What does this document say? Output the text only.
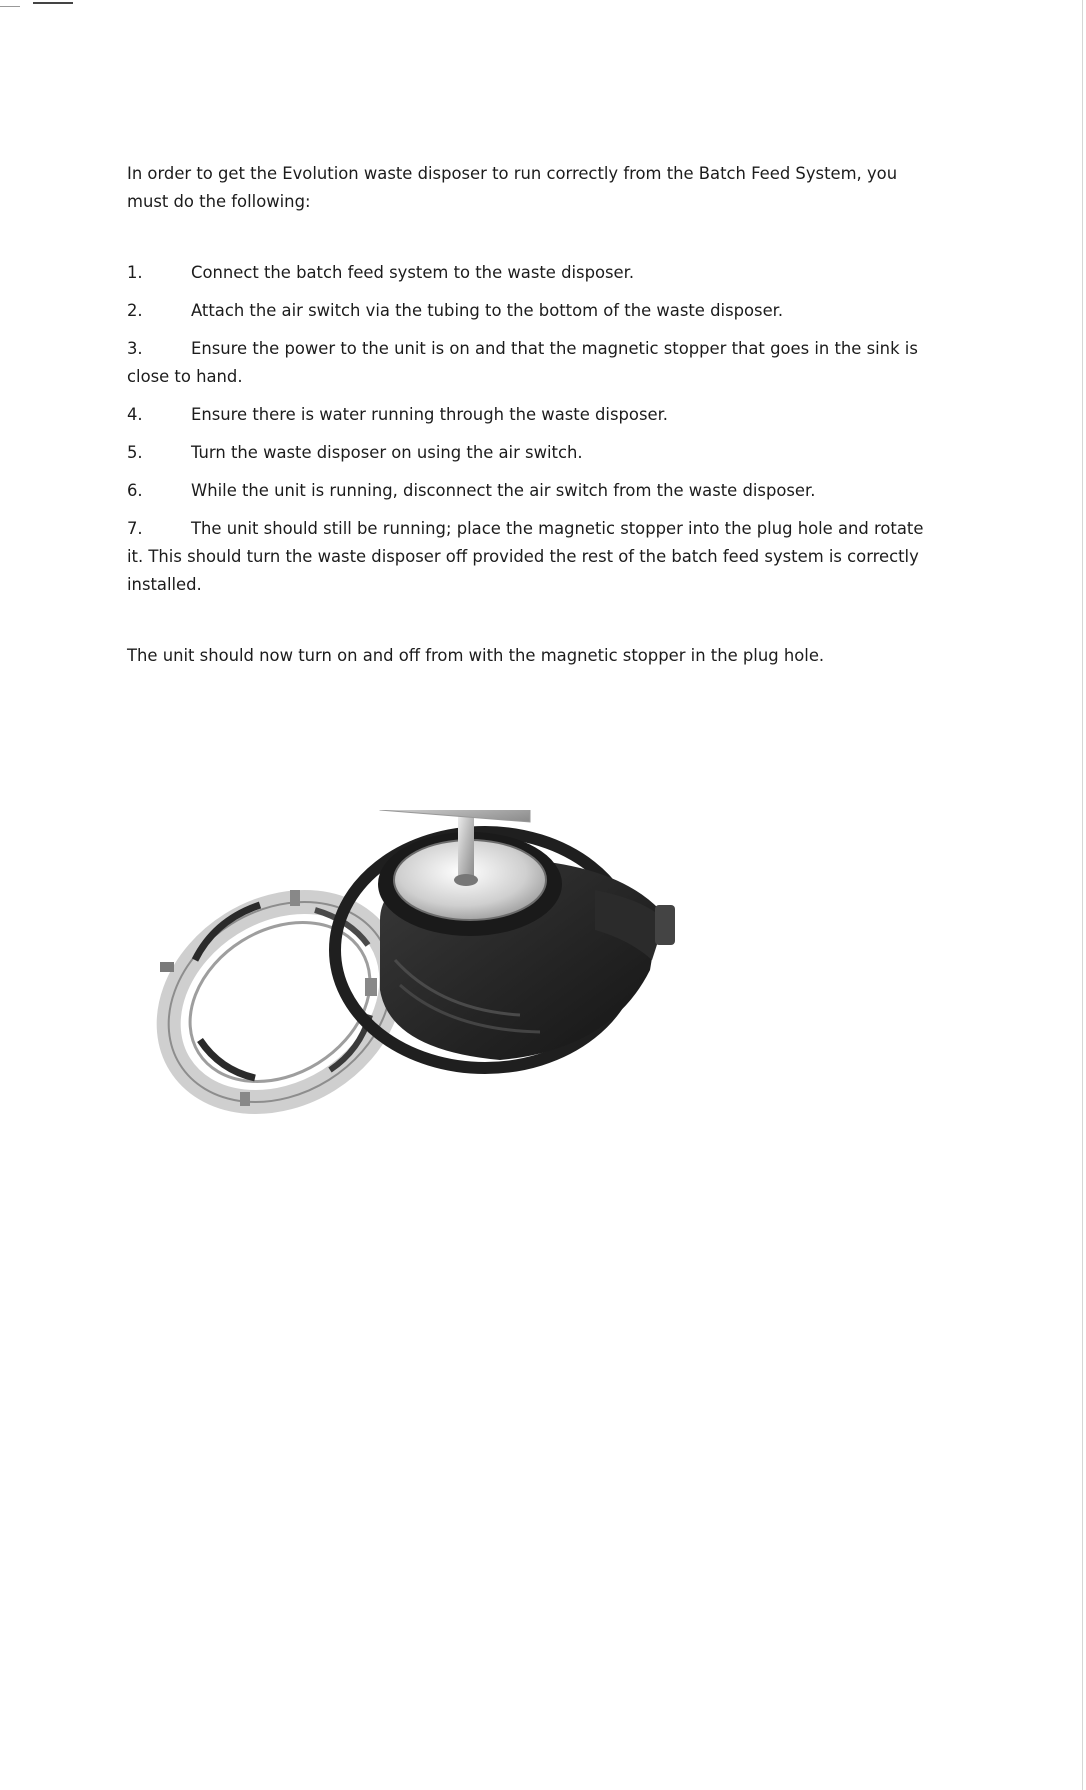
In order to get the Evolution waste disposer to run correctly from the Batch Feed System, you must do the following:

1.	Connect the batch feed system to the waste disposer.
2.	Attach the air switch via the tubing to the bottom of the waste disposer.
3.	Ensure the power to the unit is on and that the magnetic stopper that goes in the sink is close to hand.
4.	Ensure there is water running through the waste disposer.
5.	Turn the waste disposer on using the air switch.
6.	While the unit is running, disconnect the air switch from the waste disposer.
7.	The unit should still be running; place the magnetic stopper into the plug hole and rotate it. This should turn the waste disposer off provided the rest of the batch feed system is correctly installed.

The unit should now turn on and off from with the magnetic stopper in the plug hole.
